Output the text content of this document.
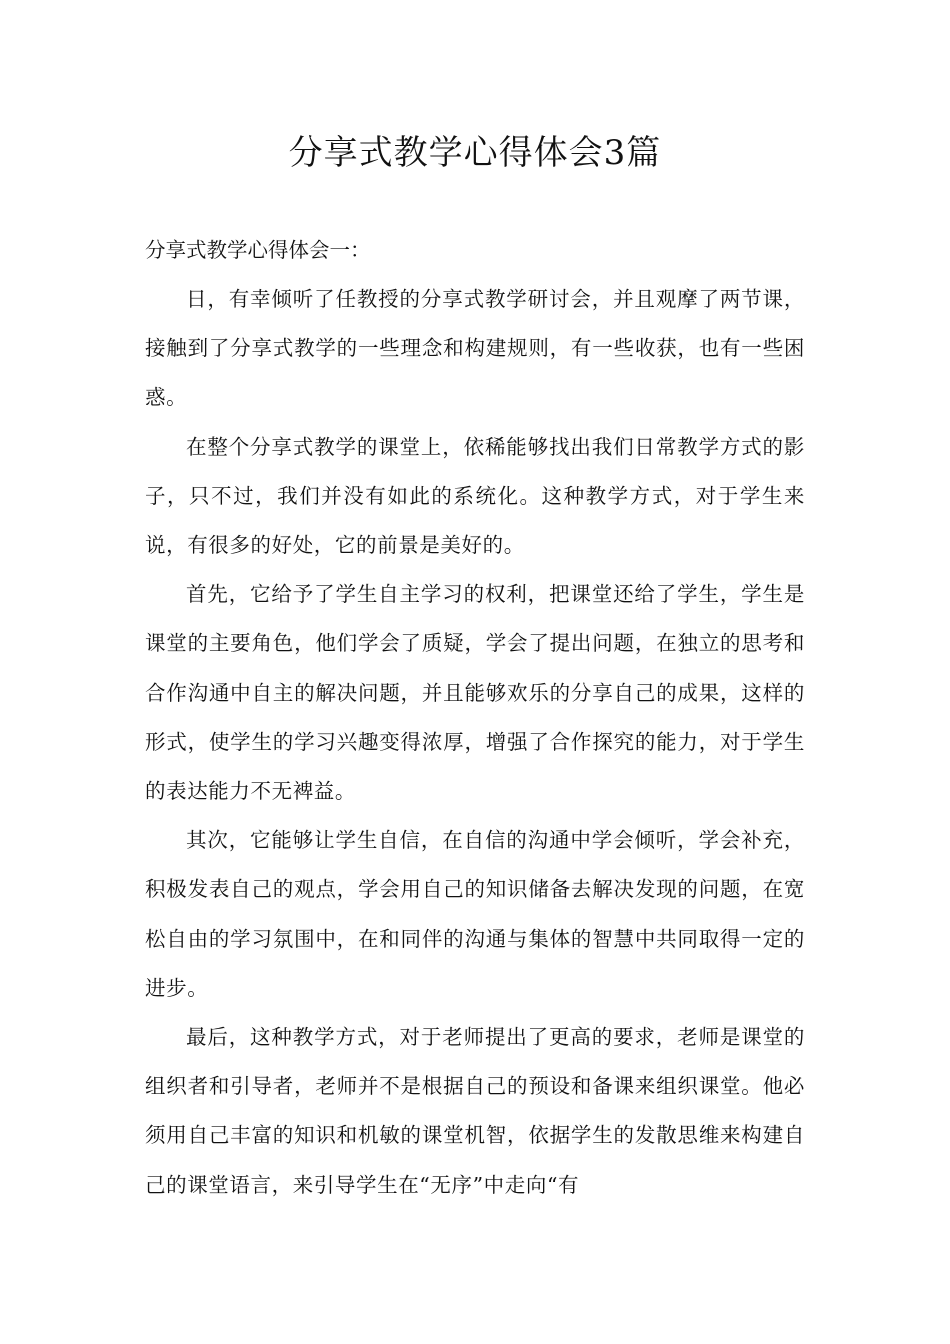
分享式教学心得体会3篇

分享式教学心得体会一：

日，有幸倾听了任教授的分享式教学研讨会，并且观摩了两节课，接触到了分享式教学的一些理念和构建规则，有一些收获，也有一些困惑。

在整个分享式教学的课堂上，依稀能够找出我们日常教学方式的影子，只不过，我们并没有如此的系统化。这种教学方式，对于学生来说，有很多的好处，它的前景是美好的。

首先，它给予了学生自主学习的权利，把课堂还给了学生，学生是课堂的主要角色，他们学会了质疑，学会了提出问题，在独立的思考和合作沟通中自主的解决问题，并且能够欢乐的分享自己的成果，这样的形式，使学生的学习兴趣变得浓厚，增强了合作探究的能力，对于学生的表达能力不无裨益。

其次，它能够让学生自信，在自信的沟通中学会倾听，学会补充，积极发表自己的观点，学会用自己的知识储备去解决发现的问题，在宽松自由的学习氛围中，在和同伴的沟通与集体的智慧中共同取得一定的进步。

最后，这种教学方式，对于老师提出了更高的要求，老师是课堂的组织者和引导者，老师并不是根据自己的预设和备课来组织课堂。他必须用自己丰富的知识和机敏的课堂机智，依据学生的发散思维来构建自己的课堂语言，来引导学生在“无序”中走向“有
